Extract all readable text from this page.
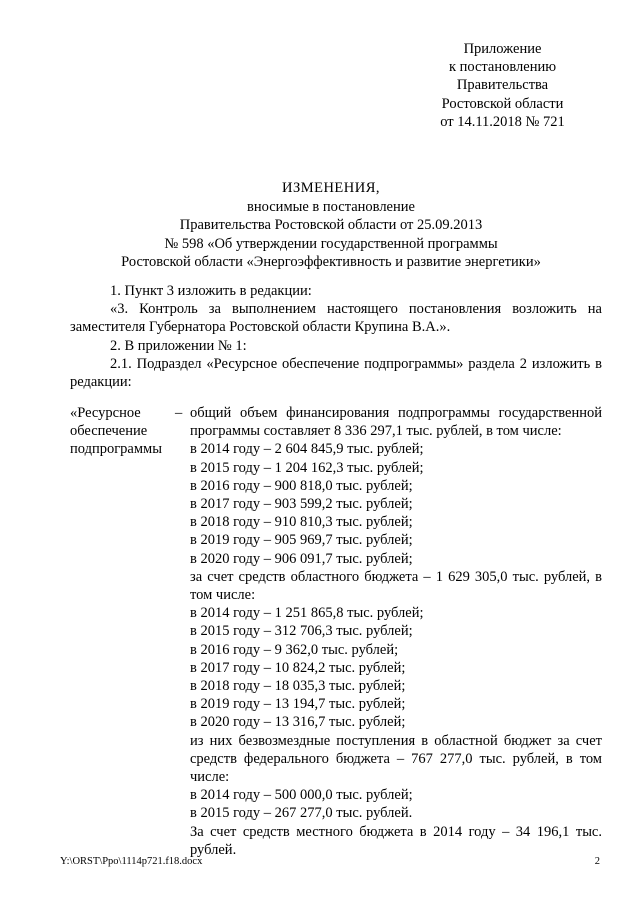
Приложение
к постановлению
Правительства
Ростовской области
от 14.11.2018 № 721
ИЗМЕНЕНИЯ,
вносимые в постановление
Правительства Ростовской области от 25.09.2013
№ 598 «Об утверждении государственной программы
Ростовской области «Энергоэффективность и развитие энергетики»
1. Пункт 3 изложить в редакции:
«3. Контроль за выполнением настоящего постановления возложить на заместителя Губернатора Ростовской области Крупина В.А.».
2. В приложении № 1:
2.1. Подраздел «Ресурсное обеспечение подпрограммы» раздела 2 изложить в редакции:
«Ресурсное
обеспечение
подпрограммы
– общий объем финансирования подпрограммы государственной программы составляет 8 336 297,1 тыс. рублей, в том числе:
в 2014 году – 2 604 845,9 тыс. рублей;
в 2015 году – 1 204 162,3 тыс. рублей;
в 2016 году – 900 818,0 тыс. рублей;
в 2017 году – 903 599,2 тыс. рублей;
в 2018 году – 910 810,3 тыс. рублей;
в 2019 году – 905 969,7 тыс. рублей;
в 2020 году – 906 091,7 тыс. рублей;
за счет средств областного бюджета – 1 629 305,0 тыс. рублей, в том числе:
в 2014 году – 1 251 865,8 тыс. рублей;
в 2015 году – 312 706,3 тыс. рублей;
в 2016 году – 9 362,0 тыс. рублей;
в 2017 году – 10 824,2 тыс. рублей;
в 2018 году – 18 035,3 тыс. рублей;
в 2019 году – 13 194,7 тыс. рублей;
в 2020 году – 13 316,7 тыс. рублей;
из них безвозмездные поступления в областной бюджет за счет средств федерального бюджета – 767 277,0 тыс. рублей, в том числе:
в 2014 году – 500 000,0 тыс. рублей;
в 2015 году – 267 277,0 тыс. рублей.
За счет средств местного бюджета в 2014 году – 34 196,1 тыс. рублей.
Y:\ORST\Ppo\1114p721.f18.docx	2
